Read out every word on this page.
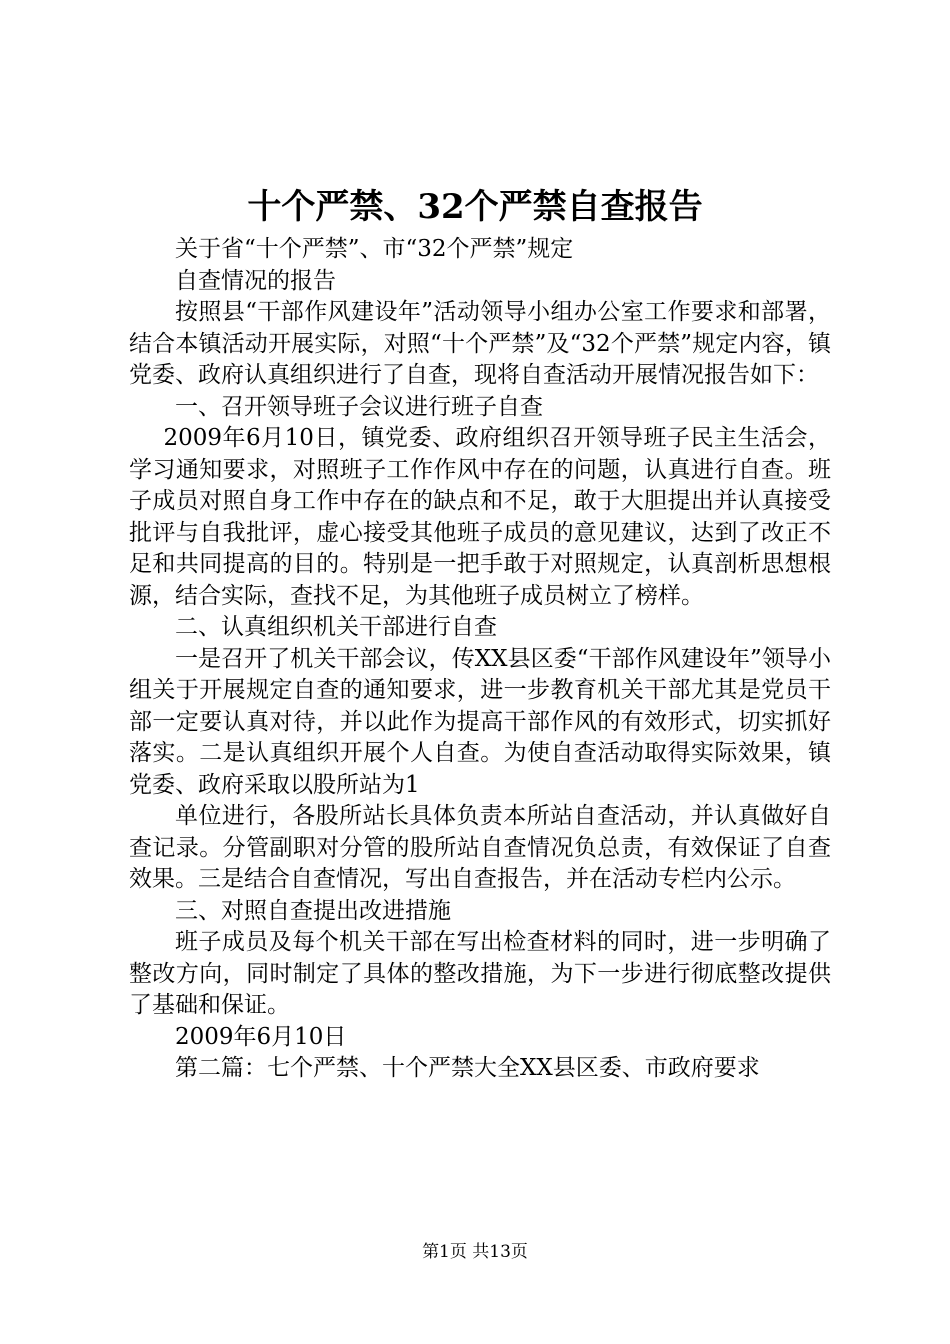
十个严禁、32个严禁自查报告

关于省“十个严禁”、市“32个严禁”规定

自查情况的报告

按照县“干部作风建设年”活动领导小组办公室工作要求和部署，结合本镇活动开展实际，对照“十个严禁”及“32个严禁”规定内容，镇党委、政府认真组织进行了自查，现将自查活动开展情况报告如下：

一、召开领导班子会议进行班子自查

2009年6月10日，镇党委、政府组织召开领导班子民主生活会，学习通知要求，对照班子工作作风中存在的问题，认真进行自查。班子成员对照自身工作中存在的缺点和不足，敢于大胆提出并认真接受批评与自我批评，虚心接受其他班子成员的意见建议，达到了改正不足和共同提高的目的。特别是一把手敢于对照规定，认真剖析思想根源，结合实际，查找不足，为其他班子成员树立了榜样。

二、认真组织机关干部进行自查

一是召开了机关干部会议，传XX县区委“干部作风建设年”领导小组关于开展规定自查的通知要求，进一步教育机关干部尤其是党员干部一定要认真对待，并以此作为提高干部作风的有效形式，切实抓好落实。二是认真组织开展个人自查。为使自查活动取得实际效果，镇党委、政府采取以股所站为1

单位进行，各股所站长具体负责本所站自查活动，并认真做好自查记录。分管副职对分管的股所站自查情况负总责，有效保证了自查效果。三是结合自查情况，写出自查报告，并在活动专栏内公示。

三、对照自查提出改进措施

班子成员及每个机关干部在写出检查材料的同时，进一步明确了整改方向，同时制定了具体的整改措施，为下一步进行彻底整改提供了基础和保证。

2009年6月10日

第二篇：七个严禁、十个严禁大全XX县区委、市政府要求

第1页 共13页
